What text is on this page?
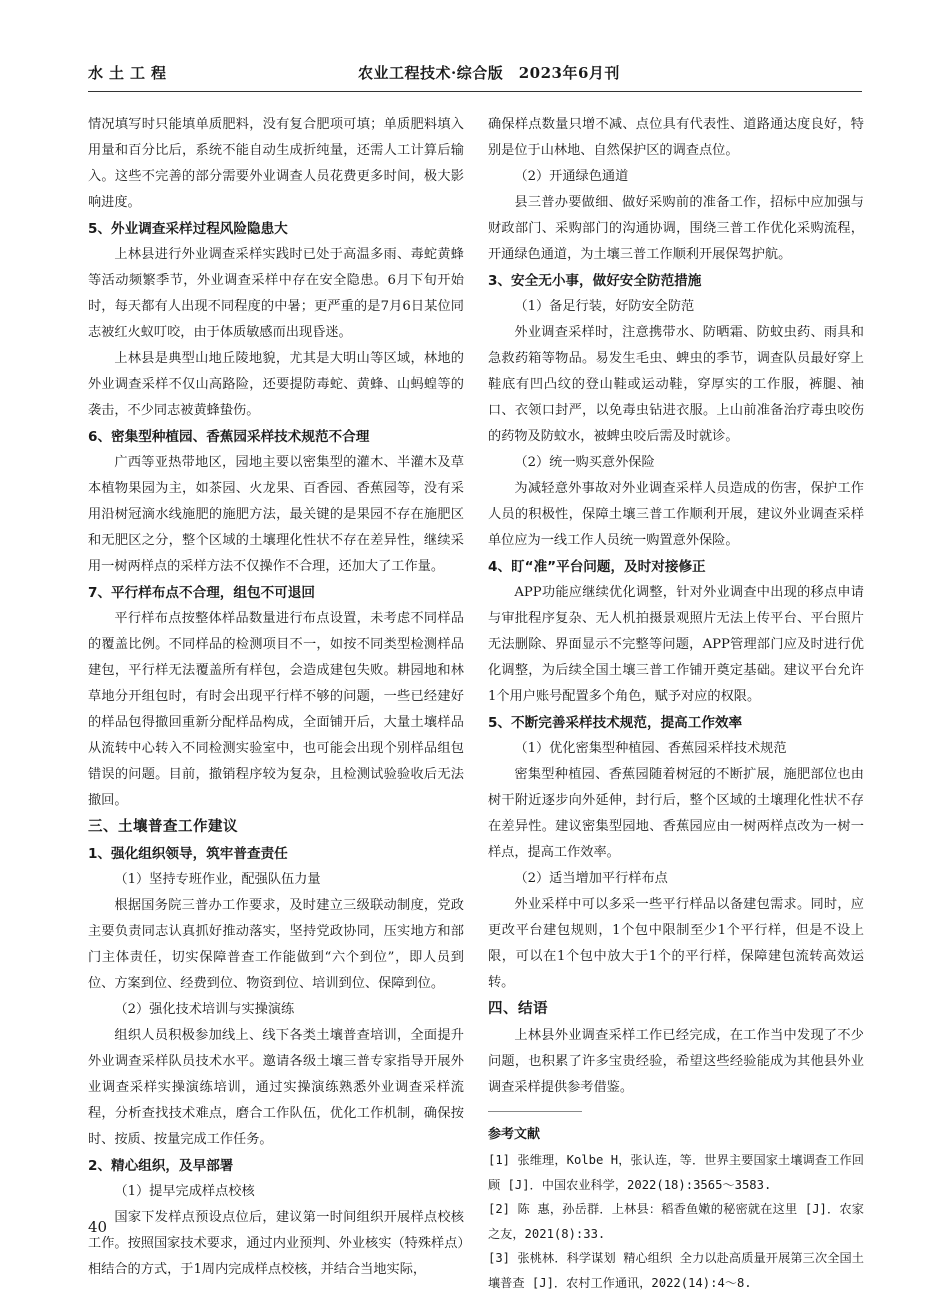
水土工程	农业工程技术·综合版　2023年6月刊

情况填写时只能填单质肥料，没有复合肥项可填；单质肥料填入用量和百分比后，系统不能自动生成折纯量，还需人工计算后输入。这些不完善的部分需要外业调查人员花费更多时间，极大影响进度。

5、外业调查采样过程风险隐患大

上林县进行外业调查采样实践时已处于高温多雨、毒蛇黄蜂等活动频繁季节，外业调查采样中存在安全隐患。6月下旬开始时，每天都有人出现不同程度的中暑；更严重的是7月6日某位同志被红火蚁叮咬，由于体质敏感而出现昏迷。

上林县是典型山地丘陵地貌，尤其是大明山等区域，林地的外业调查采样不仅山高路险，还要提防毒蛇、黄蜂、山蚂蝗等的袭击，不少同志被黄蜂蛰伤。

6、密集型种植园、香蕉园采样技术规范不合理

广西等亚热带地区，园地主要以密集型的灌木、半灌木及草本植物果园为主，如茶园、火龙果、百香园、香蕉园等，没有采用沿树冠滴水线施肥的施肥方法，最关键的是果园不存在施肥区和无肥区之分，整个区域的土壤理化性状不存在差异性，继续采用一树两样点的采样方法不仅操作不合理，还加大了工作量。

7、平行样布点不合理，组包不可退回

平行样布点按整体样品数量进行布点设置，未考虑不同样品的覆盖比例。不同样品的检测项目不一，如按不同类型检测样品建包，平行样无法覆盖所有样包，会造成建包失败。耕园地和林草地分开组包时，有时会出现平行样不够的问题，一些已经建好的样品包得撤回重新分配样品构成，全面铺开后，大量土壤样品从流转中心转入不同检测实验室中，也可能会出现个别样品组包错误的问题。目前，撤销程序较为复杂，且检测试验验收后无法撤回。

三、土壤普查工作建议
1、强化组织领导，筑牢普查责任

（1）坚持专班作业，配强队伍力量

根据国务院三普办工作要求，及时建立三级联动制度，党政主要负责同志认真抓好推动落实，坚持党政协同，压实地方和部门主体责任，切实保障普查工作能做到“六个到位”，即人员到位、方案到位、经费到位、物资到位、培训到位、保障到位。

（2）强化技术培训与实操演练

组织人员积极参加线上、线下各类土壤普查培训，全面提升外业调查采样队员技术水平。邀请各级土壤三普专家指导开展外业调查采样实操演练培训，通过实操演练熟悉外业调查采样流程，分析查找技术难点，磨合工作队伍，优化工作机制，确保按时、按质、按量完成工作任务。

2、精心组织，及早部署

（1）提早完成样点校核

国家下发样点预设点位后，建议第一时间组织开展样点校核工作。按照国家技术要求，通过内业预判、外业核实（特殊样点）相结合的方式，于1周内完成样点校核，并结合当地实际，

确保样点数量只增不减、点位具有代表性、道路通达度良好，特别是位于山林地、自然保护区的调查点位。

（2）开通绿色通道

县三普办要做细、做好采购前的准备工作，招标中应加强与财政部门、采购部门的沟通协调，围绕三普工作优化采购流程，开通绿色通道，为土壤三普工作顺利开展保驾护航。

3、安全无小事，做好安全防范措施

（1）备足行装，好防安全防范

外业调查采样时，注意携带水、防晒霜、防蚊虫药、雨具和急救药箱等物品。易发生毛虫、蜱虫的季节，调查队员最好穿上鞋底有凹凸纹的登山鞋或运动鞋，穿厚实的工作服，裤腿、袖口、衣领口封严，以免毒虫钻进衣服。上山前准备治疗毒虫咬伤的药物及防蚊水，被蜱虫咬后需及时就诊。

（2）统一购买意外保险

为减轻意外事故对外业调查采样人员造成的伤害，保护工作人员的积极性，保障土壤三普工作顺利开展，建议外业调查采样单位应为一线工作人员统一购置意外保险。

4、盯“准”平台问题，及时对接修正

APP功能应继续优化调整，针对外业调查中出现的移点申请与审批程序复杂、无人机拍摄景观照片无法上传平台、平台照片无法删除、界面显示不完整等问题，APP管理部门应及时进行优化调整，为后续全国土壤三普工作铺开奠定基础。建议平台允许1个用户账号配置多个角色，赋予对应的权限。

5、不断完善采样技术规范，提高工作效率

（1）优化密集型种植园、香蕉园采样技术规范

密集型种植园、香蕉园随着树冠的不断扩展，施肥部位也由树干附近逐步向外延伸，封行后，整个区域的土壤理化性状不存在差异性。建议密集型园地、香蕉园应由一树两样点改为一树一样点，提高工作效率。

（2）适当增加平行样布点

外业采样中可以多采一些平行样品以备建包需求。同时，应更改平台建包规则，1个包中限制至少1个平行样，但是不设上限，可以在1个包中放大于1个的平行样，保障建包流转高效运转。

四、结语

上林县外业调查采样工作已经完成，在工作当中发现了不少问题，也积累了许多宝贵经验，希望这些经验能成为其他县外业调查采样提供参考借鉴。

参考文献

[1] 张维理，Kolbe H，张认连，等．世界主要国家土壤调查工作回顾 [J]．中国农业科学，2022(18):3565～3583.

[2] 陈 惠，孙岳群．上林县：稻香鱼嫩的秘密就在这里 [J]．农家之友，2021(8):33.

[3] 张桃林．科学谋划 精心组织 全力以赴高质量开展第三次全国土壤普查 [J]．农村工作通讯，2022(14):4～8.

40
